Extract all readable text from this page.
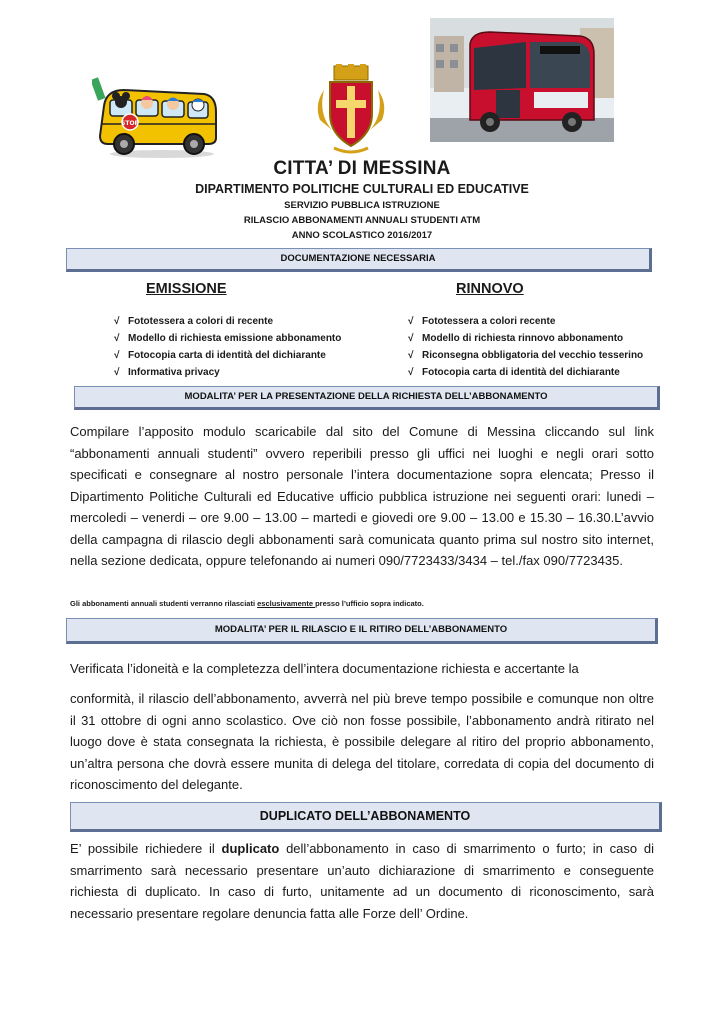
STOP
CITTA’ DI MESSINA
DIPARTIMENTO POLITICHE CULTURALI ED EDUCATIVE
SERVIZIO PUBBLICA ISTRUZIONE
RILASCIO ABBONAMENTI ANNUALI STUDENTI ATM
ANNO SCOLASTICO 2016/2017
DOCUMENTAZIONE NECESSARIA
EMISSIONE	RINNOVO
√ Fototessera a colori di recente
√ Modello di richiesta emissione abbonamento
√ Fotocopia carta di identità del dichiarante
√ Informativa privacy
√ Fototessera a colori recente
√ Modello di richiesta rinnovo abbonamento
√ Riconsegna obbligatoria del vecchio tesserino
√ Fotocopia carta di identità del dichiarante
MODALITA’ PER LA PRESENTAZIONE DELLA RICHIESTA DELL’ABBONAMENTO

Compilare l’apposito modulo scaricabile dal sito del Comune di Messina cliccando sul link “abbonamenti annuali studenti” ovvero reperibili presso gli uffici nei luoghi e negli orari sotto specificati e consegnare al nostro personale l’intera documentazione sopra elencata; Presso il Dipartimento Politiche Culturali ed Educative ufficio pubblica istruzione nei seguenti orari: lunedi – mercoledi – venerdi – ore 9.00 – 13.00 – martedi e giovedi ore 9.00 – 13.00 e 15.30 – 16.30.L’avvio della campagna di rilascio degli abbonamenti sarà comunicata quanto prima sul nostro sito internet, nella sezione dedicata, oppure telefonando ai numeri 090/7723433/3434 – tel./fax 090/7723435.

Gli abbonamenti annuali studenti verranno rilasciati esclusivamente presso l’ufficio sopra indicato.
MODALITA’ PER IL RILASCIO E IL RITIRO DELL’ABBONAMENTO

Verificata l’idoneità e la completezza dell’intera documentazione richiesta e accertante la

conformità, il rilascio dell’abbonamento, avverrà nel più breve tempo possibile e comunque non oltre il 31 ottobre di ogni anno scolastico. Ove ciò non fosse possibile, l’abbonamento andrà ritirato nel luogo dove è stata consegnata la richiesta, è possibile delegare al ritiro del proprio abbonamento, un’altra persona che dovrà essere munita di delega del titolare, corredata di copia del documento di riconoscimento del delegante.

DUPLICATO DELL’ABBONAMENTO

E’ possibile richiedere il duplicato dell’abbonamento in caso di smarrimento o furto; in caso di smarrimento sarà necessario presentare un’auto dichiarazione di smarrimento e conseguente richiesta di duplicato. In caso di furto, unitamente ad un documento di riconoscimento, sarà necessario presentare regolare denuncia fatta alle Forze dell’ Ordine.
